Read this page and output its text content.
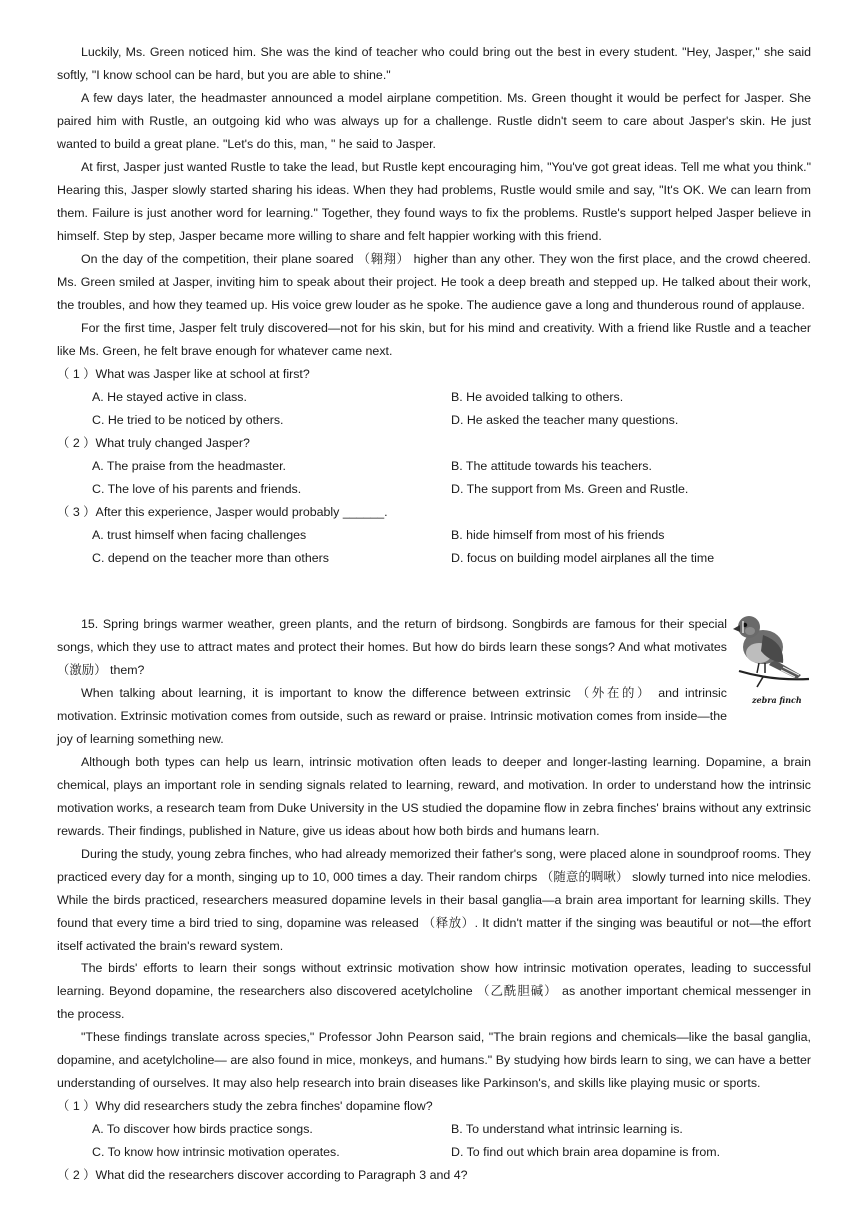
Luckily, Ms. Green noticed him. She was the kind of teacher who could bring out the best in every student. "Hey, Jasper," she said softly, "I know school can be hard, but you are able to shine."

A few days later, the headmaster announced a model airplane competition. Ms. Green thought it would be perfect for Jasper. She paired him with Rustle, an outgoing kid who was always up for a challenge. Rustle didn't seem to care about Jasper's skin. He just wanted to build a great plane. "Let's do this, man, " he said to Jasper.

At first, Jasper just wanted Rustle to take the lead, but Rustle kept encouraging him, "You've got great ideas. Tell me what you think." Hearing this, Jasper slowly started sharing his ideas. When they had problems, Rustle would smile and say, "It's OK. We can learn from them. Failure is just another word for learning." Together, they found ways to fix the problems. Rustle's support helped Jasper believe in himself. Step by step, Jasper became more willing to share and felt happier working with this friend.

On the day of the competition, their plane soared （翱翔） higher than any other. They won the first place, and the crowd cheered. Ms. Green smiled at Jasper, inviting him to speak about their project. He took a deep breath and stepped up. He talked about their work, the troubles, and how they teamed up. His voice grew louder as he spoke. The audience gave a long and thunderous round of applause.

For the first time, Jasper felt truly discovered—not for his skin, but for his mind and creativity. With a friend like Rustle and a teacher like Ms. Green, he felt brave enough for whatever came next.

（ 1 ）What was Jasper like at school at first?
A. He stayed active in class.	B. He avoided talking to others.
C. He tried to be noticed by others.	D. He asked the teacher many questions.
（ 2 ）What truly changed Jasper?
A. The praise from the headmaster.	B. The attitude towards his teachers.
C. The love of his parents and friends.	D. The support from Ms. Green and Rustle.
（ 3 ）After this experience, Jasper would probably ______.
A. trust himself when facing challenges	B. hide himself from most of his friends
C. depend on the teacher more than others	D. focus on building model airplanes all the time

15. Spring brings warmer weather, green plants, and the return of birdsong. Songbirds are famous for their special songs, which they use to attract mates and protect their homes. But how do birds learn these songs? And what motivates （激励） them?

zebra finch

When talking about learning, it is important to know the difference between extrinsic （外在的） and intrinsic motivation. Extrinsic motivation comes from outside, such as reward or praise. Intrinsic motivation comes from inside—the joy of learning something new.

Although both types can help us learn, intrinsic motivation often leads to deeper and longer-lasting learning. Dopamine, a brain chemical, plays an important role in sending signals related to learning, reward, and motivation. In order to understand how the intrinsic motivation works, a research team from Duke University in the US studied the dopamine flow in zebra finches' brains without any extrinsic rewards. Their findings, published in Nature, give us ideas about how both birds and humans learn.

During the study, young zebra finches, who had already memorized their father's song, were placed alone in soundproof rooms. They practiced every day for a month, singing up to 10, 000 times a day. Their random chirps （随意的啁啾） slowly turned into nice melodies. While the birds practiced, researchers measured dopamine levels in their basal ganglia—a brain area important for learning skills. They found that every time a bird tried to sing, dopamine was released （释放）. It didn't matter if the singing was beautiful or not—the effort itself activated the brain's reward system.

The birds' efforts to learn their songs without extrinsic motivation show how intrinsic motivation operates, leading to successful learning. Beyond dopamine, the researchers also discovered acetylcholine （乙酰胆碱） as another important chemical messenger in the process.

"These findings translate across species," Professor John Pearson said, "The brain regions and chemicals—like the basal ganglia, dopamine, and acetylcholine— are also found in mice, monkeys, and humans." By studying how birds learn to sing, we can have a better understanding of ourselves. It may also help research into brain diseases like Parkinson's, and skills like playing music or sports.

（ 1 ）Why did researchers study the zebra finches' dopamine flow?
A. To discover how birds practice songs.	B. To understand what intrinsic learning is.
C. To know how intrinsic motivation operates.	D. To find out which brain area dopamine is from.
（ 2 ）What did the researchers discover according to Paragraph 3 and 4?
